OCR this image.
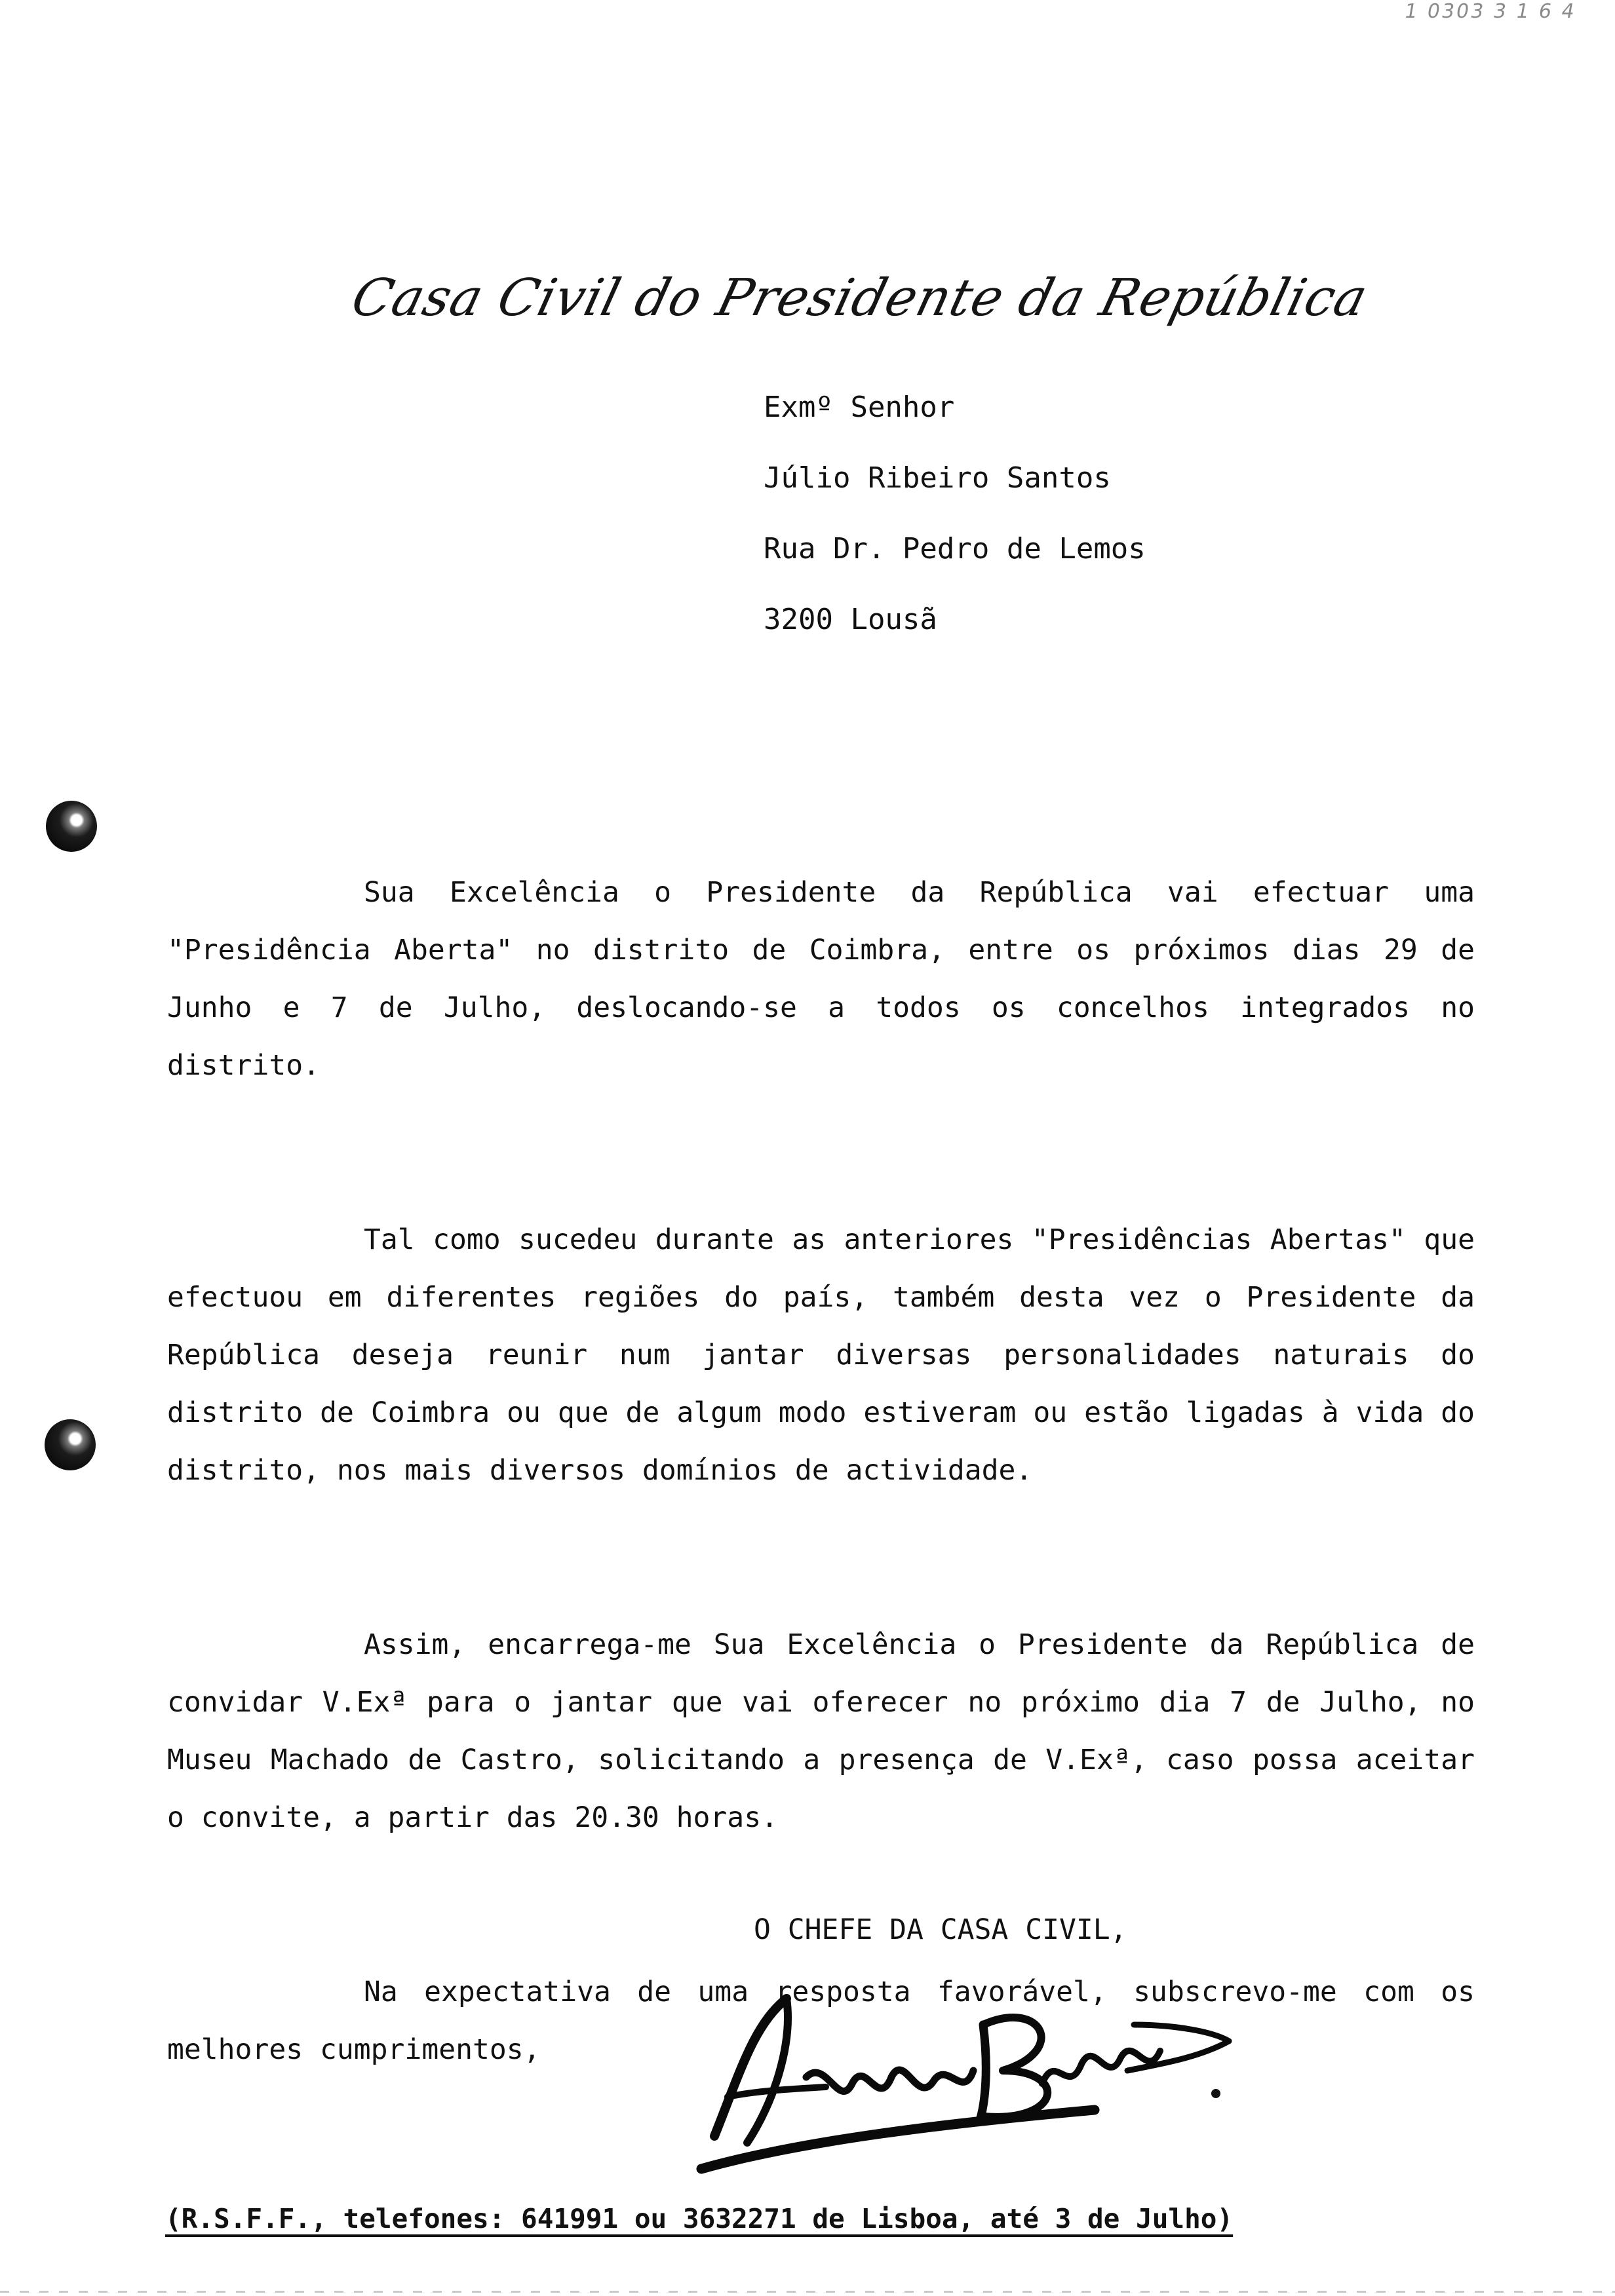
1 0303 3 1 6 4
Casa Civil do Presidente da República
Exmº Senhor
Júlio Ribeiro Santos
Rua Dr. Pedro de Lemos
3200 Lousã

Sua Excelência o Presidente da República vai efectuar uma "Presidência Aberta" no distrito de Coimbra, entre os próximos dias 29 de Junho e 7 de Julho, deslocando-se a todos os concelhos integrados no distrito.

Tal como sucedeu durante as anteriores "Presidências Abertas" que efectuou em diferentes regiões do país, também desta vez o Presidente da República deseja reunir num jantar diversas personalidades naturais do distrito de Coimbra ou que de algum modo estiveram ou estão ligadas à vida do distrito, nos mais diversos domínios de actividade.

Assim, encarrega-me Sua Excelência o Presidente da República de convidar V.Exª para o jantar que vai oferecer no próximo dia 7 de Julho, no Museu Machado de Castro, solicitando a presença de V.Exª, caso possa aceitar o convite, a partir das 20.30 horas.

Na expectativa de uma resposta favorável, subscrevo-me com os melhores cumprimentos,

O CHEFE DA CASA CIVIL,
(R.S.F.F., telefones: 641991 ou 3632271 de Lisboa, até 3 de Julho)
